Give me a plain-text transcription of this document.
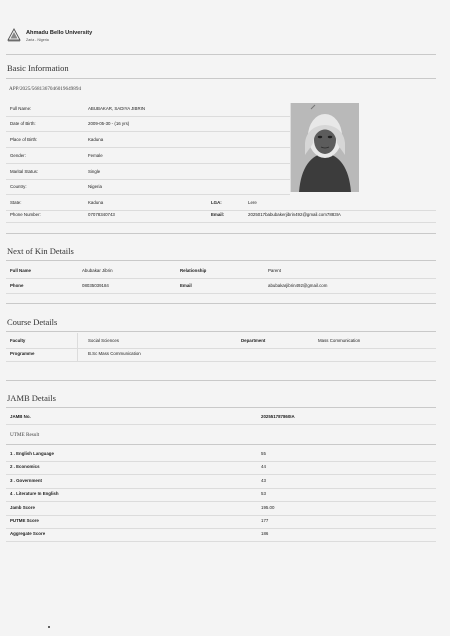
Ahmadu Bello University
Zaria - Nigeria
Basic Information
APP/2025/56813670460196498​94
Full Name:	ABUBAKAR, SADIYA JIBRIN
Date of Birth:	2009-05-30 - (16 yrs)
Place of Birth:	Kaduna
Gender:	Female
Marital Status:	Single
Country:	Nigeria
State:	Kaduna	LGA:	Lere
Phone Number:	07078340743	Email:	2025017babubakerjibrin492@gmail.com7883IA
Next of Kin Details
Full Name	Abubakar Jibrin	Relationship	Parent
Phone	08035039184	Email	abubakarjibrin492@gmail.com
Course Details
Faculty	Social Sciences	Department	Mass Communication
Programme	B.Sc Mass Communication
JAMB Details
JAMB No.	202551787860IA
UTME Result
1 . English Language	55
2 . Economics	44
3 . Government	43
4 . Literature In English	53
Jamb Score	195.00
PUTME Score	177
Aggregate Score	186
